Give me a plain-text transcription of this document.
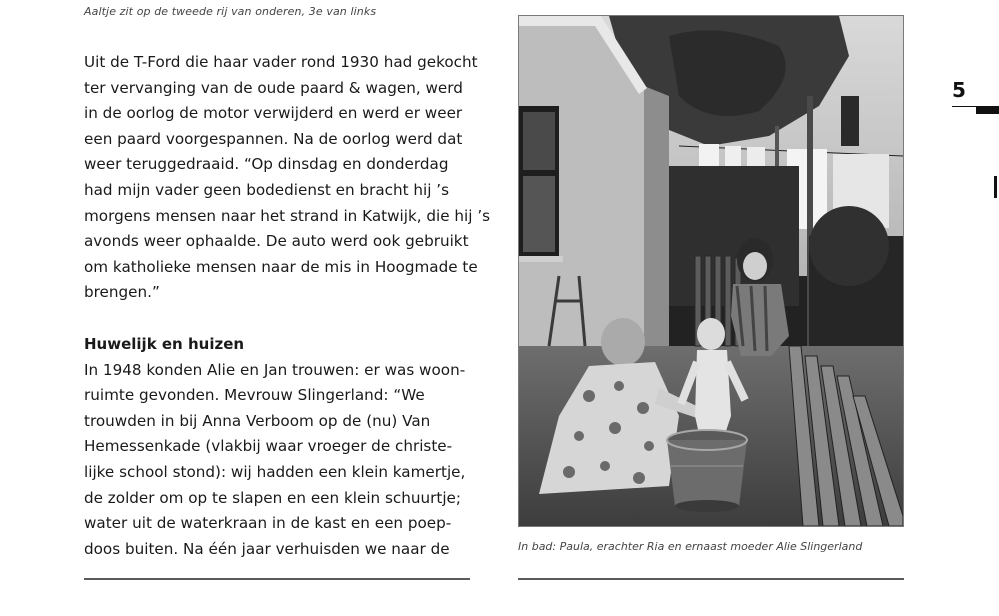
Aaltje zit op de tweede rij van onderen, 3e van links

Uit de T-Ford die haar vader rond 1930 had gekocht
ter vervanging van de oude paard & wagen, werd
in de oorlog de motor verwijderd en werd er weer
een paard voorgespannen. Na de oorlog werd dat
weer teruggedraaid. “Op dinsdag en donderdag
had mijn vader geen bodedienst en bracht hij ’s
morgens mensen naar het strand in Katwijk, die hij ’s
avonds weer ophaalde. De auto werd ook gebruikt
om katholieke mensen naar de mis in Hoogmade te
brengen.”

Huwelijk en huizen

In 1948 konden Alie en Jan trouwen: er was woon-
ruimte gevonden. Mevrouw Slingerland: “We
trouwden in bij Anna Verboom op de (nu) Van
Hemessenkade (vlakbij waar vroeger de christe-
lijke school stond): wij hadden een klein kamertje,
de zolder om op te slapen en een klein schuurtje;
water uit de waterkraan in de kast en een poep-
doos buiten. Na één jaar verhuisden we naar de	In bad: Paula, erachter Ria en ernaast moeder Alie Slingerland
5
